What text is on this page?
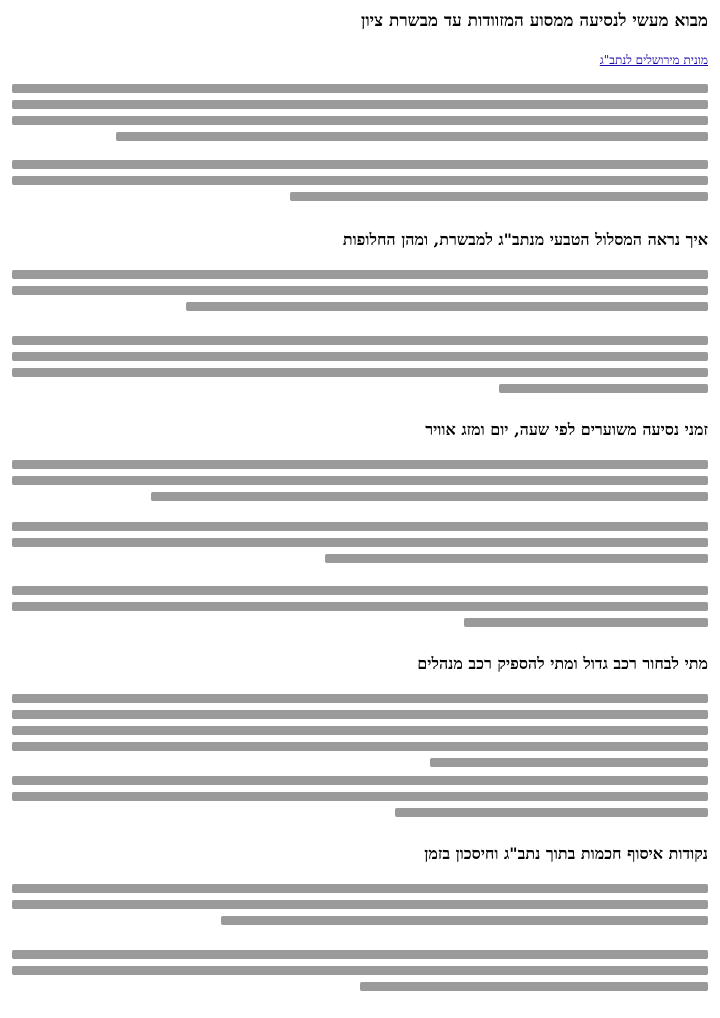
מבוא מעשי לנסיעה ממסוע המזוודות עד מבשרת ציון
מונית מירושלים לנתב"ג
איך נראה המסלול הטבעי מנתב"ג למבשרת, ומהן החלופות
זמני נסיעה משוערים לפי שעה, יום ומזג אוויר
מתי לבחור רכב גדול ומתי להספיק רכב מנהלים
נקודות איסוף חכמות בתוך נתב"ג וחיסכון בזמן
